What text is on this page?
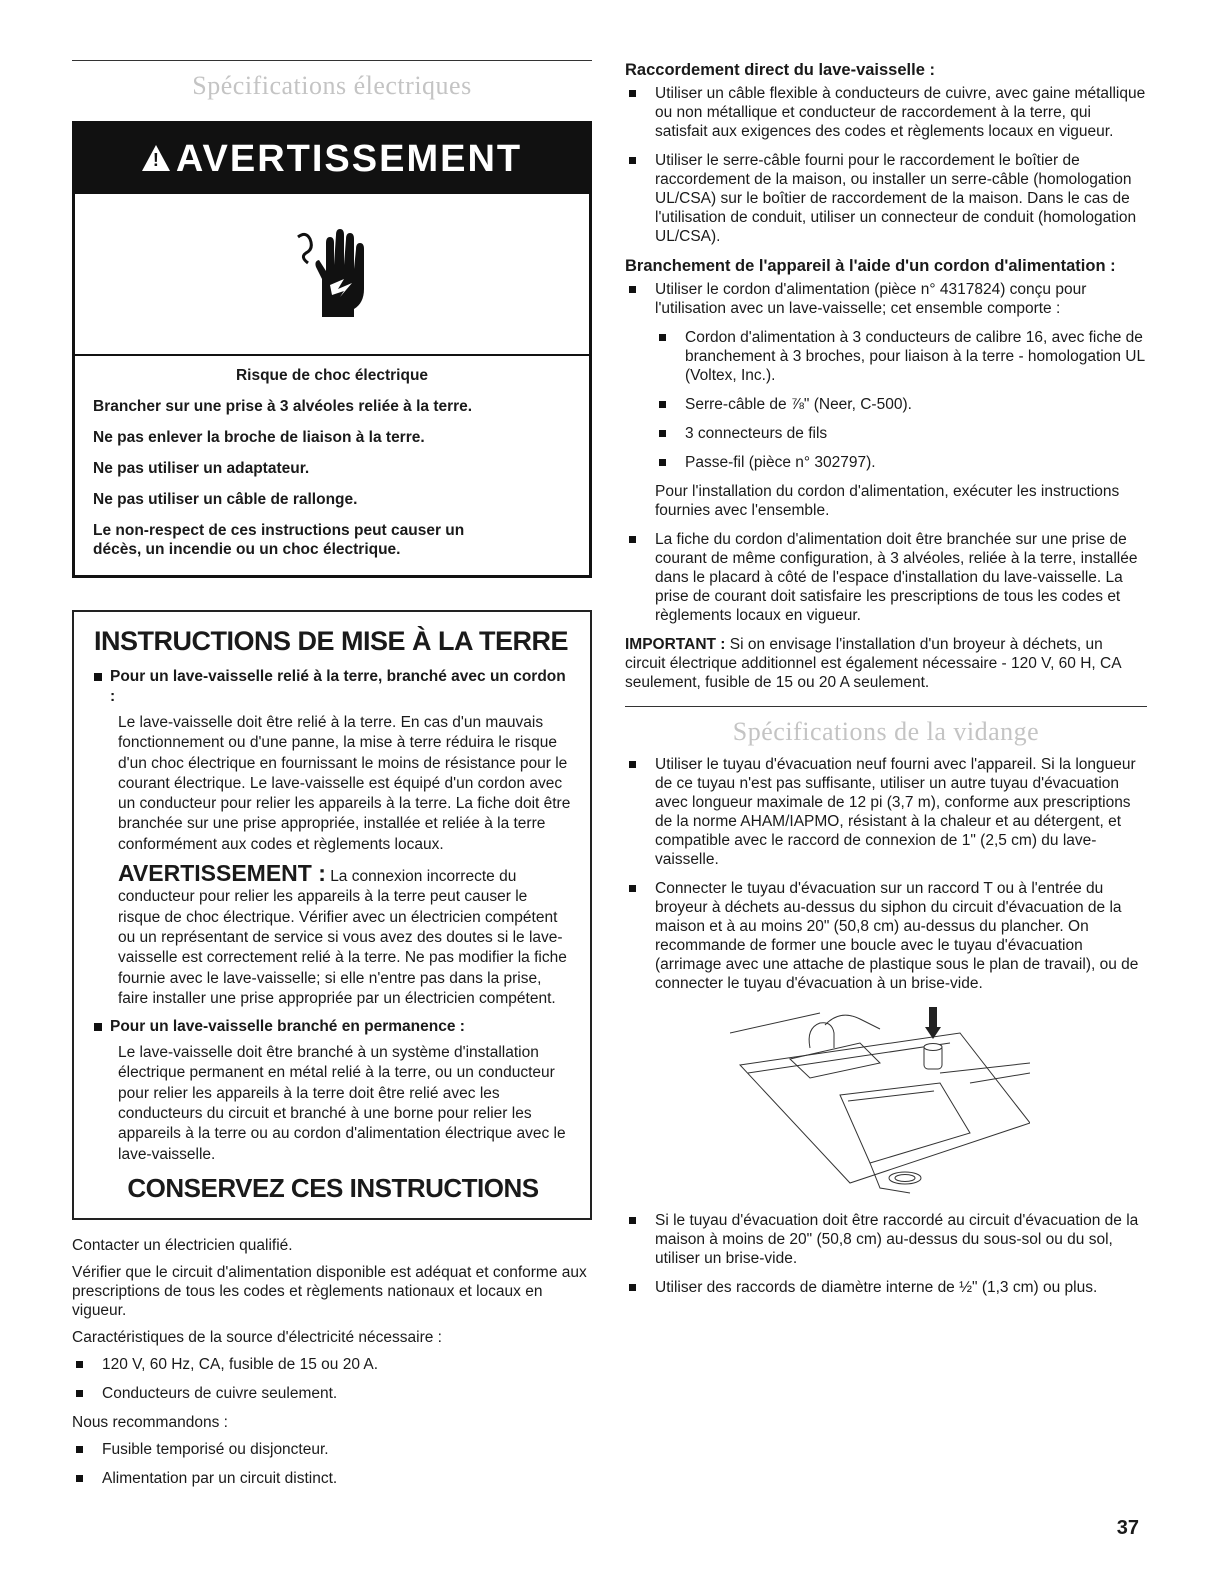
Spécifications électriques
! AVERTISSEMENT

Risque de choc électrique

Brancher sur une prise à 3 alvéoles reliée à la terre.

Ne pas enlever la broche de liaison à la terre.

Ne pas utiliser un adaptateur.

Ne pas utiliser un câble de rallonge.

Le non-respect de ces instructions peut causer un décès, un incendie ou un choc électrique.

INSTRUCTIONS DE MISE À LA TERRE
Pour un lave-vaisselle relié à la terre, branché avec un cordon :
Le lave-vaisselle doit être relié à la terre. En cas d'un mauvais fonctionnement ou d'une panne, la mise à terre réduira le risque d'un choc électrique en fournissant le moins de résistance pour le courant électrique. Le lave-vaisselle est équipé d'un cordon avec un conducteur pour relier les appareils à la terre. La fiche doit être branchée sur une prise appropriée, installée et reliée à la terre conformément aux codes et règlements locaux.
AVERTISSEMENT : La connexion incorrecte du conducteur pour relier les appareils à la terre peut causer le risque de choc électrique. Vérifier avec un électricien compétent ou un représentant de service si vous avez des doutes si le lave-vaisselle est correctement relié à la terre. Ne pas modifier la fiche fournie avec le lave-vaisselle; si elle n'entre pas dans la prise, faire installer une prise appropriée par un électricien compétent.
Pour un lave-vaisselle branché en permanence :
Le lave-vaisselle doit être branché à un système d'installation électrique permanent en métal relié à la terre, ou un conducteur pour relier les appareils à la terre doit être relié avec les conducteurs du circuit et branché à une borne pour relier les appareils à la terre ou au cordon d'alimentation électrique avec le lave-vaisselle.
CONSERVEZ CES INSTRUCTIONS

Contacter un électricien qualifié.

Vérifier que le circuit d'alimentation disponible est adéquat et conforme aux prescriptions de tous les codes et règlements nationaux et locaux en vigueur.

Caractéristiques de la source d'électricité nécessaire :

120 V, 60 Hz, CA, fusible de 15 ou 20 A.
Conducteurs de cuivre seulement.

Nous recommandons :

Fusible temporisé ou disjoncteur.
Alimentation par un circuit distinct.
Raccordement direct du lave-vaisselle :
Utiliser un câble flexible à conducteurs de cuivre, avec gaine métallique ou non métallique et conducteur de raccordement à la terre, qui satisfait aux exigences des codes et règlements locaux en vigueur.
Utiliser le serre-câble fourni pour le raccordement le boîtier de raccordement de la maison, ou installer un serre-câble (homologation UL/CSA) sur le boîtier de raccordement de la maison. Dans le cas de l'utilisation de conduit, utiliser un connecteur de conduit (homologation UL/CSA).
Branchement de l'appareil à l'aide d'un cordon d'alimentation :
Utiliser le cordon d'alimentation (pièce n° 4317824) conçu pour l'utilisation avec un lave-vaisselle; cet ensemble comporte :
Cordon d'alimentation à 3 conducteurs de calibre 16, avec fiche de branchement à 3 broches, pour liaison à la terre - homologation UL (Voltex, Inc.).
Serre-câble de ⅞" (Neer, C-500).
3 connecteurs de fils
Passe-fil (pièce n° 302797).
Pour l'installation du cordon d'alimentation, exécuter les instructions fournies avec l'ensemble.
La fiche du cordon d'alimentation doit être branchée sur une prise de courant de même configuration, à 3 alvéoles, reliée à la terre, installée dans le placard à côté de l'espace d'installation du lave-vaisselle. La prise de courant doit satisfaire les prescriptions de tous les codes et règlements locaux en vigueur.
IMPORTANT : Si on envisage l'installation d'un broyeur à déchets, un circuit électrique additionnel est également nécessaire - 120 V, 60 H, CA seulement, fusible de 15 ou 20 A seulement.
Spécifications de la vidange
Utiliser le tuyau d'évacuation neuf fourni avec l'appareil. Si la longueur de ce tuyau n'est pas suffisante, utiliser un autre tuyau d'évacuation avec longueur maximale de 12 pi (3,7 m), conforme aux prescriptions de la norme AHAM/IAPMO, résistant à la chaleur et au détergent, et compatible avec le raccord de connexion de 1" (2,5 cm) du lave-vaisselle.
Connecter le tuyau d'évacuation sur un raccord T ou à l'entrée du broyeur à déchets au-dessus du siphon du circuit d'évacuation de la maison et à au moins 20" (50,8 cm) au-dessus du plancher. On recommande de former une boucle avec le tuyau d'évacuation (arrimage avec une attache de plastique sous le plan de travail), ou de connecter le tuyau d'évacuation à un brise-vide.
Si le tuyau d'évacuation doit être raccordé au circuit d'évacuation de la maison à moins de 20" (50,8 cm) au-dessus du sous-sol ou du sol, utiliser un brise-vide.
Utiliser des raccords de diamètre interne de ½" (1,3 cm) ou plus.
37
